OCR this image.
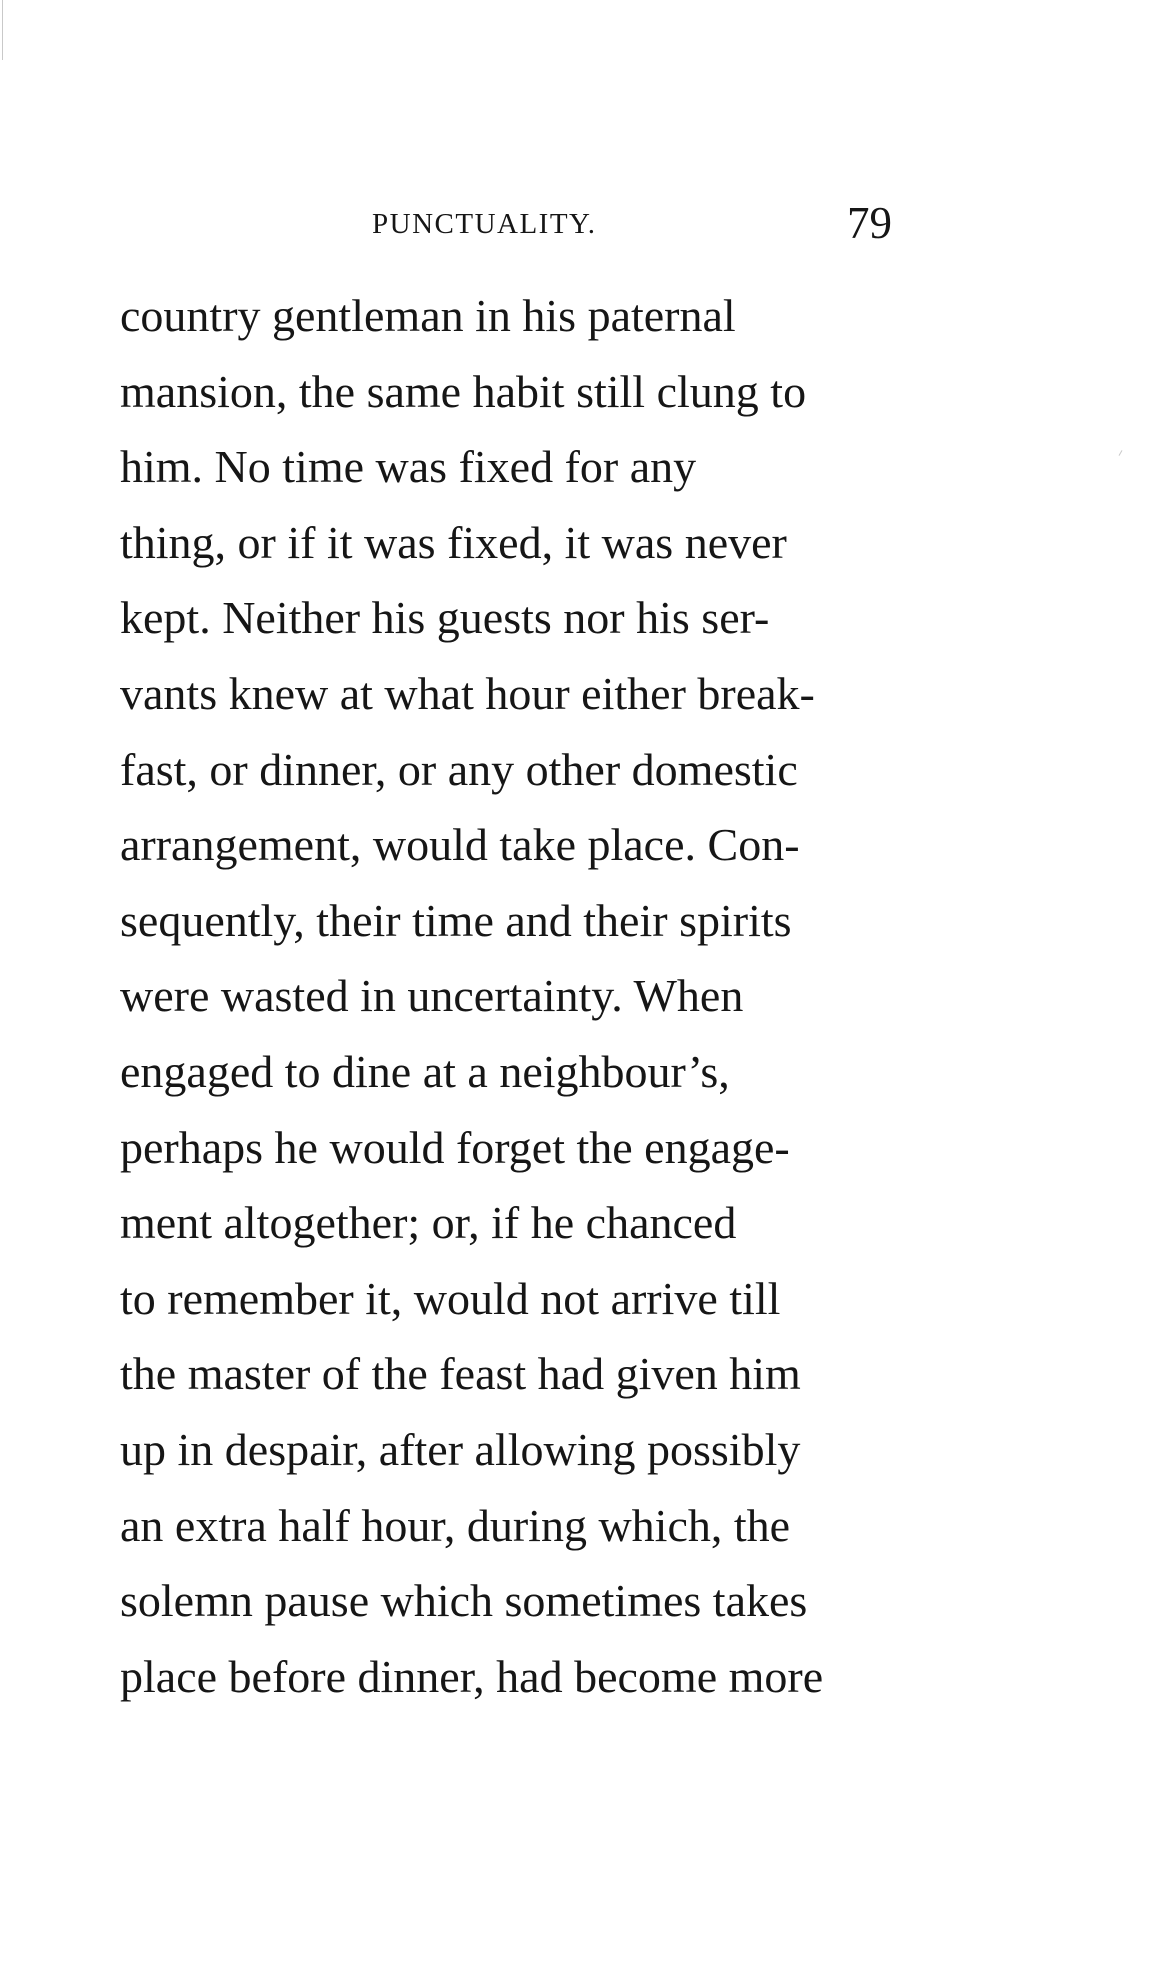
PUNCTUALITY.	79
country gentleman in his paternal
mansion, the same habit still clung to
him. No time was fixed for any
thing, or if it was fixed, it was never
kept. Neither his guests nor his ser-
vants knew at what hour either break-
fast, or dinner, or any other domestic
arrangement, would take place. Con-
sequently, their time and their spirits
were wasted in uncertainty. When
engaged to dine at a neighbour’s,
perhaps he would forget the engage-
ment altogether; or, if he chanced
to remember it, would not arrive till
the master of the feast had given him
up in despair, after allowing possibly
an extra half hour, during which, the
solemn pause which sometimes takes
place before dinner, had become more
